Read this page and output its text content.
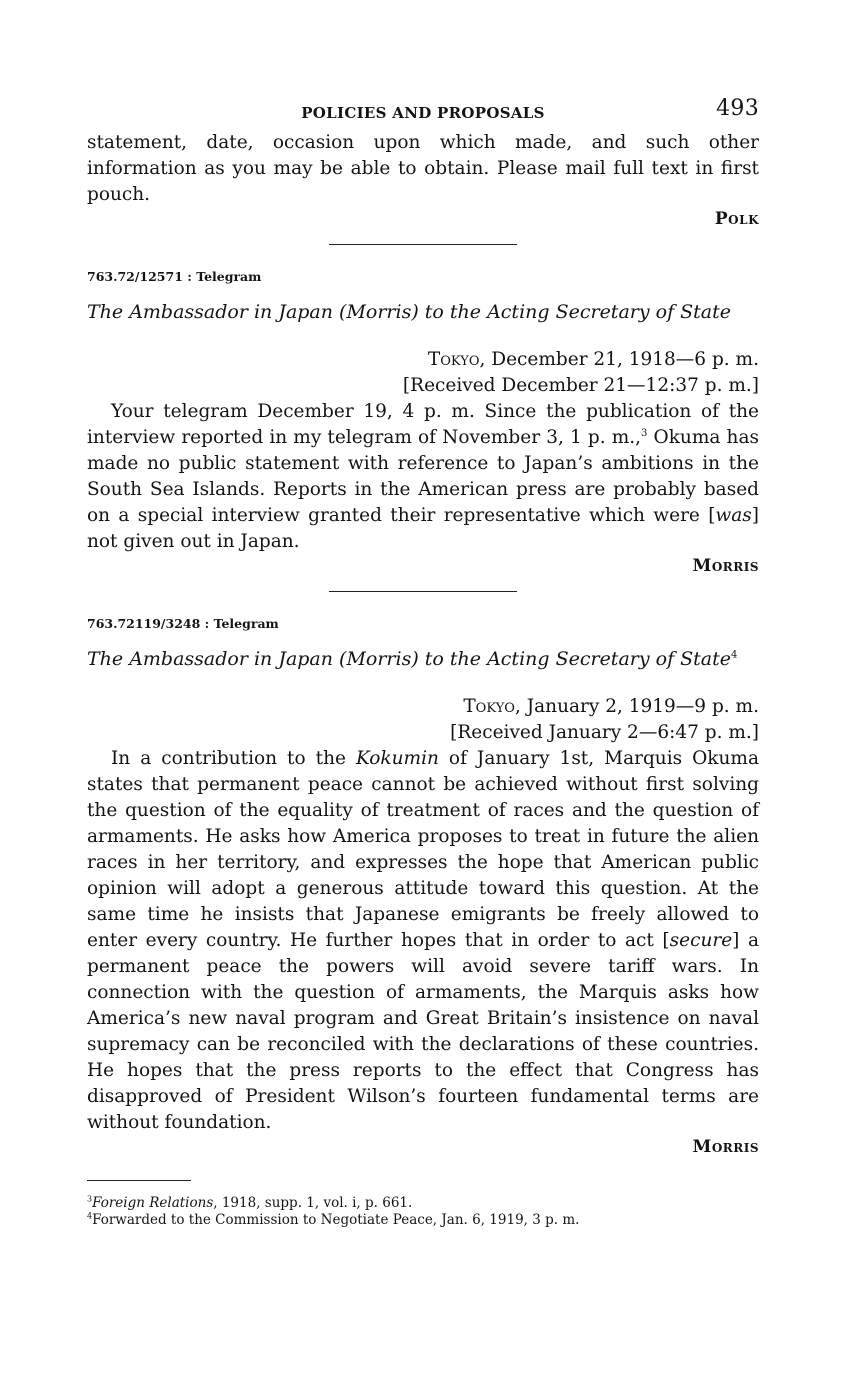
POLICIES AND PROPOSALS	493

statement, date, occasion upon which made, and such other information as you may be able to obtain. Please mail full text in first pouch.

Polk

763.72/12571 : Telegram
The Ambassador in Japan (Morris) to the Acting Secretary of State
Tokyo, December 21, 1918—6 p. m.
[Received December 21—12:37 p. m.]

Your telegram December 19, 4 p. m. Since the publication of the interview reported in my telegram of November 3, 1 p. m.,$^3$ Okuma has made no public statement with reference to Japan’s ambitions in the South Sea Islands. Reports in the American press are probably based on a special interview granted their representative which were [was] not given out in Japan.

Morris

763.72119/3248 : Telegram
The Ambassador in Japan (Morris) to the Acting Secretary of State$^4$
Tokyo, January 2, 1919—9 p. m.
[Received January 2—6:47 p. m.]

In a contribution to the Kokumin of January 1st, Marquis Okuma states that permanent peace cannot be achieved without first solving the question of the equality of treatment of races and the question of armaments. He asks how America proposes to treat in future the alien races in her territory, and expresses the hope that American public opinion will adopt a generous attitude toward this question. At the same time he insists that Japanese emigrants be freely allowed to enter every country. He further hopes that in order to act [secure] a permanent peace the powers will avoid severe tariff wars. In connection with the question of armaments, the Marquis asks how America’s new naval program and Great Britain’s insistence on naval supremacy can be reconciled with the declarations of these countries. He hopes that the press reports to the effect that Congress has disapproved of President Wilson’s fourteen fundamental terms are without foundation.

Morris

$^3$Foreign Relations, 1918, supp. 1, vol. i, p. 661.
$^4$Forwarded to the Commission to Negotiate Peace, Jan. 6, 1919, 3 p. m.
